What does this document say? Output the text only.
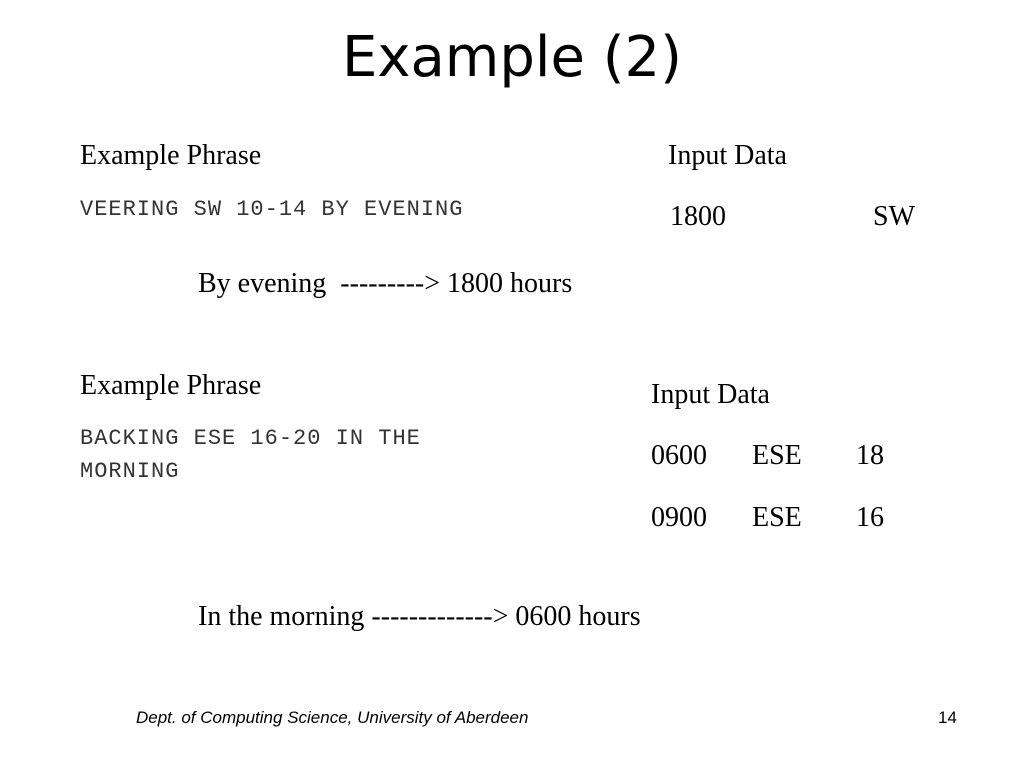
Example (2)
Example Phrase
VEERING SW 10-14 BY EVENING
Input Data
1800	SW
By evening  ---------> 1800 hours
Example Phrase
BACKING ESE 16-20 IN THE
MORNING
Input Data
0600 ESE 18
0900 ESE 16
In the morning -------------> 0600 hours
Dept. of Computing Science, University of Aberdeen	14
